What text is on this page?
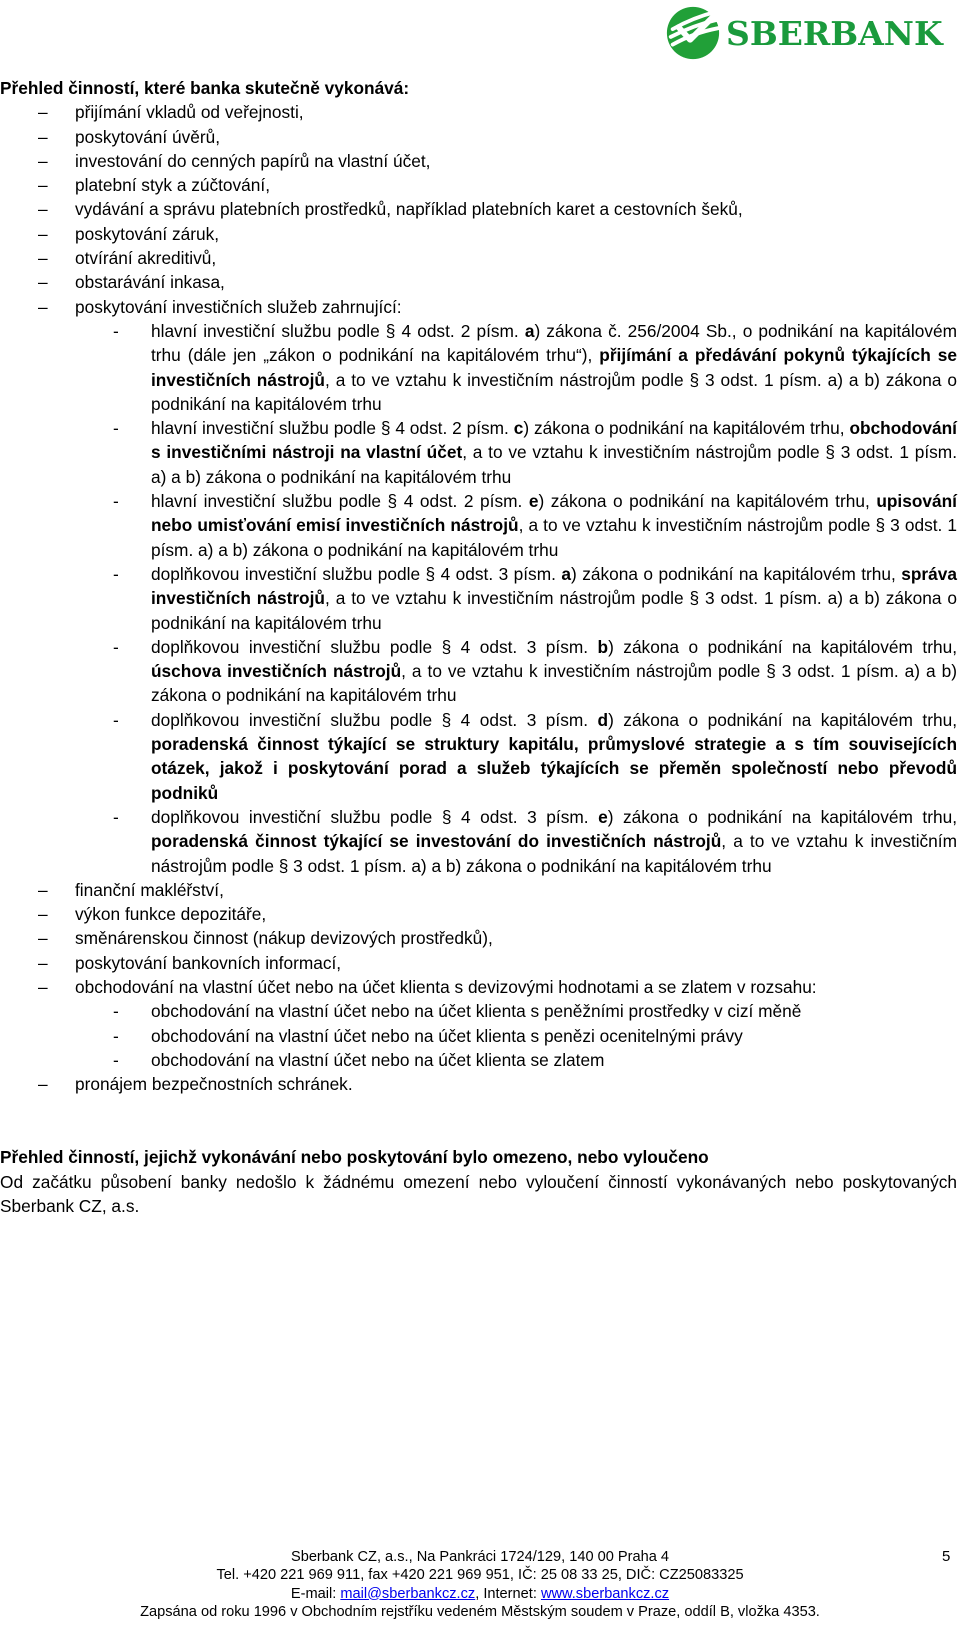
SBERBANK
Přehled činností, které banka skutečně vykonává:
– přijímání vkladů od veřejnosti,
– poskytování úvěrů,
– investování do cenných papírů na vlastní účet,
– platební styk a zúčtování,
– vydávání a správu platebních prostředků, například platebních karet a cestovních šeků,
– poskytování záruk,
– otvírání akreditivů,
– obstarávání inkasa,
– poskytování investičních služeb zahrnující:
- hlavní investiční službu podle § 4 odst. 2 písm. a) zákona č. 256/2004 Sb., o podnikání na kapitálovém trhu (dále jen „zákon o podnikání na kapitálovém trhu“), přijímání a předávání pokynů týkajících se investičních nástrojů, a to ve vztahu k investičním nástrojům podle § 3 odst. 1 písm. a) a b) zákona o podnikání na kapitálovém trhu
- hlavní investiční službu podle § 4 odst. 2 písm. c) zákona o podnikání na kapitálovém trhu, obchodování s investičními nástroji na vlastní účet, a to ve vztahu k investičním nástrojům podle § 3 odst. 1 písm. a) a b) zákona o podnikání na kapitálovém trhu
- hlavní investiční službu podle § 4 odst. 2 písm. e) zákona o podnikání na kapitálovém trhu, upisování nebo umisťování emisí investičních nástrojů, a to ve vztahu k investičním nástrojům podle § 3 odst. 1 písm. a) a b) zákona o podnikání na kapitálovém trhu
- doplňkovou investiční službu podle § 4 odst. 3 písm. a) zákona o podnikání na kapitálovém trhu, správa investičních nástrojů, a to ve vztahu k investičním nástrojům podle § 3 odst. 1 písm. a) a b) zákona o podnikání na kapitálovém trhu
- doplňkovou investiční službu podle § 4 odst. 3 písm. b) zákona o podnikání na kapitálovém trhu, úschova investičních nástrojů, a to ve vztahu k investičním nástrojům podle § 3 odst. 1 písm. a) a b) zákona o podnikání na kapitálovém trhu
- doplňkovou investiční službu podle § 4 odst. 3 písm. d) zákona o podnikání na kapitálovém trhu, poradenská činnost týkající se struktury kapitálu, průmyslové strategie a s tím souvisejících otázek, jakož i poskytování porad a služeb týkajících se přeměn společností nebo převodů podniků
- doplňkovou investiční službu podle § 4 odst. 3 písm. e) zákona o podnikání na kapitálovém trhu, poradenská činnost týkající se investování do investičních nástrojů, a to ve vztahu k investičním nástrojům podle § 3 odst. 1 písm. a) a b) zákona o podnikání na kapitálovém trhu
– finanční makléřství,
– výkon funkce depozitáře,
– směnárenskou činnost (nákup devizových prostředků),
– poskytování bankovních informací,
– obchodování na vlastní účet nebo na účet klienta s devizovými hodnotami a se zlatem v rozsahu:
- obchodování na vlastní účet nebo na účet klienta s peněžními prostředky v cizí měně
- obchodování na vlastní účet nebo na účet klienta s penězi ocenitelnými právy
- obchodování na vlastní účet nebo na účet klienta se zlatem
– pronájem bezpečnostních schránek.
Přehled činností, jejichž vykonávání nebo poskytování bylo omezeno, nebo vyloučeno
Od začátku působení banky nedošlo k žádnému omezení nebo vyloučení činností vykonávaných nebo poskytovaných Sberbank CZ, a.s.
Sberbank CZ, a.s., Na Pankráci 1724/129, 140 00 Praha 4
Tel. +420 221 969 911, fax +420 221 969 951, IČ: 25 08 33 25, DIČ: CZ25083325
E-mail: mail@sberbankcz.cz, Internet: www.sberbankcz.cz
Zapsána od roku 1996 v Obchodním rejstříku vedeném Městským soudem v Praze, oddíl B, vložka 4353.
5
